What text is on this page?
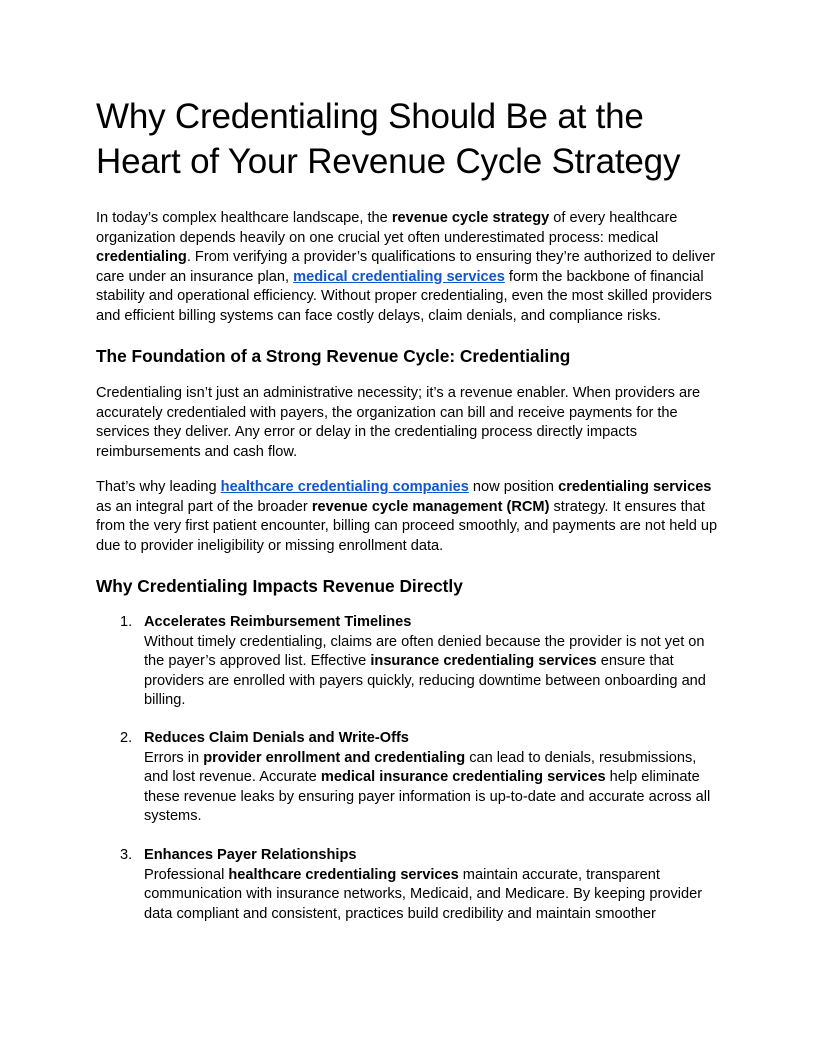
Why Credentialing Should Be at the Heart of Your Revenue Cycle Strategy

In today’s complex healthcare landscape, the revenue cycle strategy of every healthcare organization depends heavily on one crucial yet often underestimated process: medical credentialing. From verifying a provider’s qualifications to ensuring they’re authorized to deliver care under an insurance plan, medical credentialing services form the backbone of financial stability and operational efficiency. Without proper credentialing, even the most skilled providers and efficient billing systems can face costly delays, claim denials, and compliance risks.

The Foundation of a Strong Revenue Cycle: Credentialing

Credentialing isn’t just an administrative necessity; it’s a revenue enabler. When providers are accurately credentialed with payers, the organization can bill and receive payments for the services they deliver. Any error or delay in the credentialing process directly impacts reimbursements and cash flow.

That’s why leading healthcare credentialing companies now position credentialing services as an integral part of the broader revenue cycle management (RCM) strategy. It ensures that from the very first patient encounter, billing can proceed smoothly, and payments are not held up due to provider ineligibility or missing enrollment data.

Why Credentialing Impacts Revenue Directly
1. Accelerates Reimbursement Timelines
Without timely credentialing, claims are often denied because the provider is not yet on the payer’s approved list. Effective insurance credentialing services ensure that providers are enrolled with payers quickly, reducing downtime between onboarding and billing.
2. Reduces Claim Denials and Write-Offs
Errors in provider enrollment and credentialing can lead to denials, resubmissions, and lost revenue. Accurate medical insurance credentialing services help eliminate these revenue leaks by ensuring payer information is up-to-date and accurate across all systems.
3. Enhances Payer Relationships
Professional healthcare credentialing services maintain accurate, transparent communication with insurance networks, Medicaid, and Medicare. By keeping provider data compliant and consistent, practices build credibility and maintain smoother
